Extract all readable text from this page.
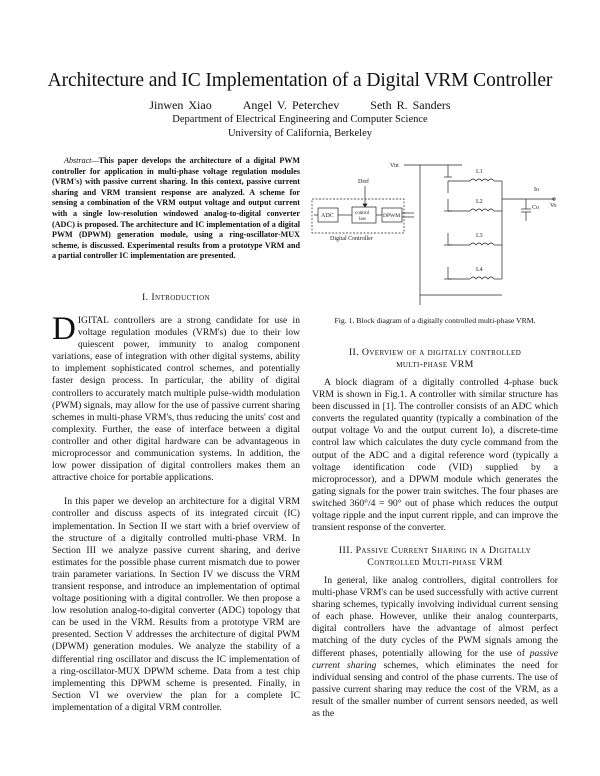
Architecture and IC Implementation of a Digital VRM Controller
Jinwen Xiao	Angel V. Peterchev	Seth R. Sanders
Department of Electrical Engineering and Computer Science
University of California, Berkeley

Abstract—This paper develops the architecture of a digital PWM controller for application in multi-phase voltage regulation modules (VRM's) with passive current sharing. In this context, passive current sharing and VRM transient response are analyzed. A scheme for sensing a combination of the VRM output voltage and output current with a single low-resolution windowed analog-to-digital converter (ADC) is proposed. The architecture and IC implementation of a digital PWM (DPWM) generation module, using a ring-oscillator-MUX scheme, is discussed. Experimental results from a prototype VRM and a partial controller IC implementation are presented.

I. Introduction

DIGITAL controllers are a strong candidate for use in voltage regulation modules (VRM's) due to their low quiescent power, immunity to analog component variations, ease of integration with other digital systems, ability to implement sophisticated control schemes, and potentially faster design process. In particular, the ability of digital controllers to accurately match multiple pulse-width modulation (PWM) signals, may allow for the use of passive current sharing schemes in multi-phase VRM's, thus reducing the units' cost and complexity. Further, the ease of interface between a digital controller and other digital hardware can be advantageous in microprocessor and communication systems. In addition, the low power dissipation of digital controllers makes them an attractive choice for portable applications.

In this paper we develop an architecture for a digital VRM controller and discuss aspects of its integrated circuit (IC) implementation. In Section II we start with a brief overview of the structure of a digitally controlled multi-phase VRM. In Section III we analyze passive current sharing, and derive estimates for the possible phase current mismatch due to power train parameter variations. In Section IV we discuss the VRM transient response, and introduce an implementation of optimal voltage positioning with a digital controller. We then propose a low resolution analog-to-digital converter (ADC) topology that can be used in the VRM. Results from a prototype VRM are presented. Section V addresses the architecture of digital PWM (DPWM) generation modules. We analyze the stability of a differential ring oscillator and discuss the IC implementation of a ring-oscillator-MUX DPWM scheme. Data from a test chip implementing this DPWM scheme is presented. Finally, in Section VI we overview the plan for a complete IC implementation of a digital VRM controller.

Vin
Dref
ADC	control
law
DPWM
Digital Controller
L1
L2
L3
L4
Io
Co Vo
Fig. 1. Block diagram of a digitally controlled multi-phase VRM.
II. Overview of a digitally controlled
multi-phase VRM

A block diagram of a digitally controlled 4-phase buck VRM is shown in Fig.1. A controller with similar structure has been discussed in [1]. The controller consists of an ADC which converts the regulated quantity (typically a combination of the output voltage Vo and the output current Io), a discrete-time control law which calculates the duty cycle command from the output of the ADC and a digital reference word (typically a voltage identification code (VID) supplied by a microprocessor), and a DPWM module which generates the gating signals for the power train switches. The four phases are switched 360°/4 = 90° out of phase which reduces the output voltage ripple and the input current ripple, and can improve the transient response of the converter.

III. Passive Current Sharing in a Digitally
Controlled Multi-phase VRM

In general, like analog controllers, digital controllers for multi-phase VRM's can be used successfully with active current sharing schemes, typically involving individual current sensing of each phase. However, unlike their analog counterparts, digital controllers have the advantage of almost perfect matching of the duty cycles of the PWM signals among the different phases, potentially allowing for the use of passive current sharing schemes, which eliminates the need for individual sensing and control of the phase currents. The use of passive current sharing may reduce the cost of the VRM, as a result of the smaller number of current sensors needed, as well as the
